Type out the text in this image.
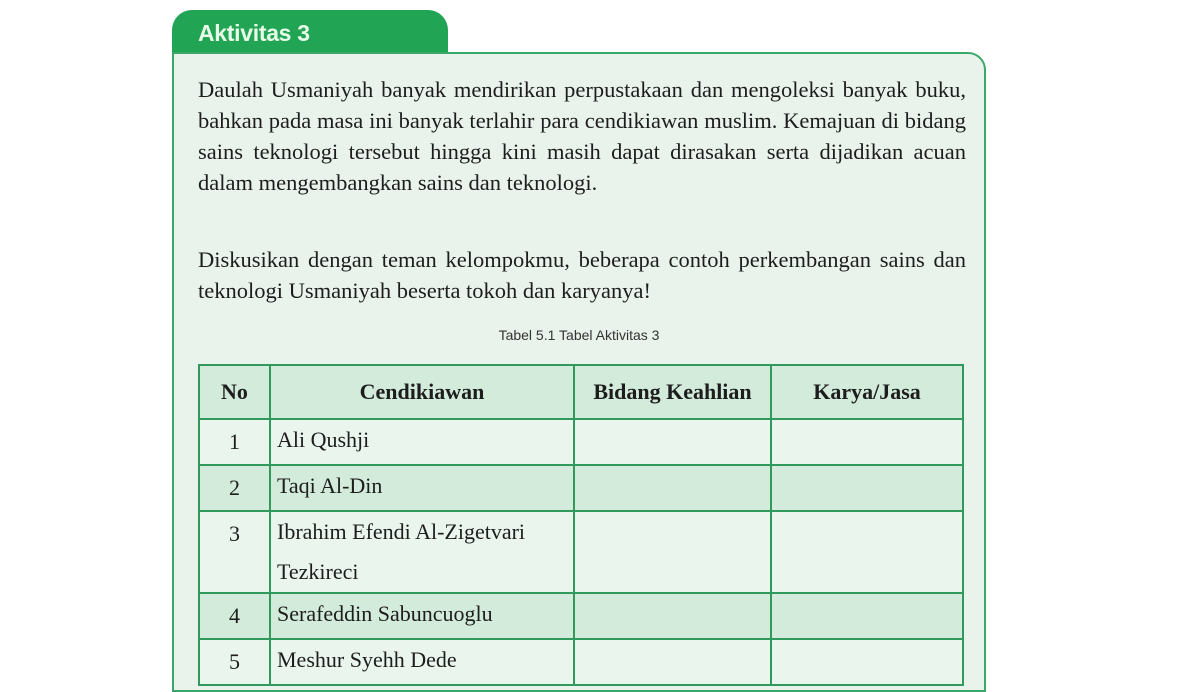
Aktivitas 3

Daulah Usmaniyah banyak mendirikan perpustakaan dan mengoleksi banyak buku, bahkan pada masa ini banyak terlahir para cendikiawan muslim. Kemajuan di bidang sains teknologi tersebut hingga kini masih dapat dirasakan serta dijadikan acuan dalam mengembangkan sains dan teknologi.

Diskusikan dengan teman kelompokmu, beberapa contoh perkembangan sains dan teknologi Usmaniyah beserta tokoh dan karyanya!

Tabel 5.1 Tabel Aktivitas 3
No	Cendikiawan	Bidang Keahlian	Karya/Jasa
1	Ali Qushji		
2	Taqi Al-Din		
3	Ibrahim Efendi Al-Zigetvari Tezkireci		
4	Serafeddin Sabuncuoglu		
5	Meshur Syehh Dede		
